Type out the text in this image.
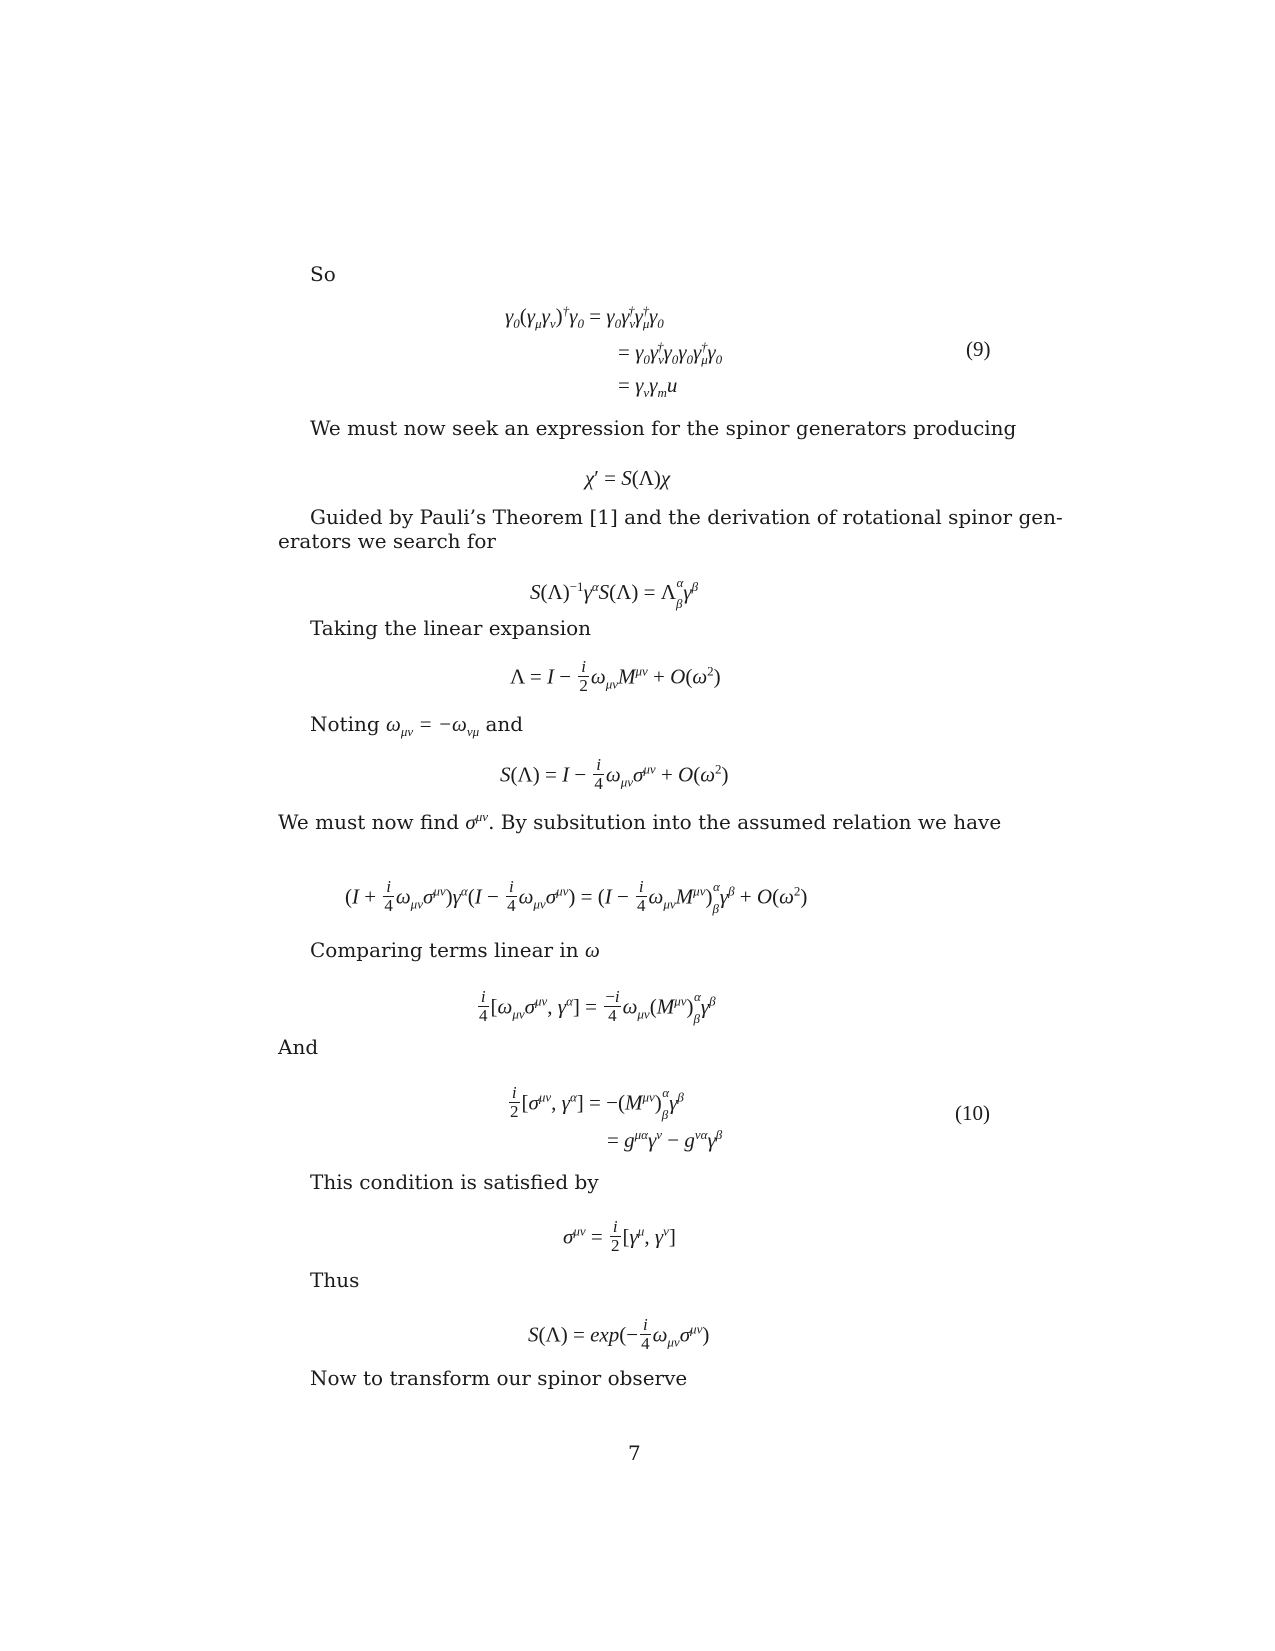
So
$\gamma_0(\gamma_\mu\gamma_\nu)^\dagger\gamma_0 = \gamma_0\gamma_\nu^\dagger\gamma_\mu^\dagger\gamma_0$
= $\gamma_0\gamma_\nu^\dagger\gamma_0\gamma_0\gamma_\mu^\dagger\gamma_0$
= $\gamma_\nu\gamma_mu$
(9)
We must now seek an expression for the spinor generators producing
χ′ = S(Λ)χ
Guided by Pauli’s Theorem [1] and the derivation of rotational spinor gen-
erators we search for
$S(\Lambda)^{-1}\gamma^\alpha S(\Lambda) = \Lambda_\beta^\alpha\gamma^\beta$
Taking the linear expansion
$\Lambda = I - \frac{i}{2} \omega_{\mu\nu}M^{\mu\nu} + O(\omega^2)$
Noting $\omega_{\mu\nu} = -\omega_{\nu\mu}$ and
$S(\Lambda) = I - \frac{i}{4} \omega_{\mu\nu}\sigma^{\mu\nu} + O(\omega^2)$
We must now find $\sigma^{\mu\nu}$. By subsitution into the assumed relation we have
$(I + \frac{i}{4} \omega_{\mu\nu}\sigma^{\mu\nu})\gamma^\alpha(I - \frac{i}{4} \omega_{\mu\nu}\sigma^{\mu\nu}) = (I - \frac{i}{4} \omega_{\mu\nu}M^{\mu\nu})_\beta^\alpha\gamma^\beta + O(\omega^2)$
Comparing terms linear in ω
$\frac{i}{4} [\omega_{\mu\nu}\sigma^{\mu\nu}$, $\gamma^\alpha] = \frac{-i}{4} \omega_{\mu\nu}(M^{\mu\nu})_\beta^\alpha\gamma^\beta$
And
$\frac{i}{2} [\sigma^{\mu\nu}$, $\gamma^\alpha] = -(M^{\mu\nu})_\beta^\alpha\gamma^\beta$
= $g^{\mu\alpha}\gamma^\nu - g^{\nu\alpha}\gamma^\beta$
(10)
This condition is satisfied by
$\sigma^{\mu\nu} = \frac{i}{2} [\gamma^\mu$, $\gamma^\nu$]
Thus
$S(\Lambda) = \exp(- \frac{i}{4} \omega_{\mu\nu}\sigma^{\mu\nu})$
Now to transform our spinor observe
7
